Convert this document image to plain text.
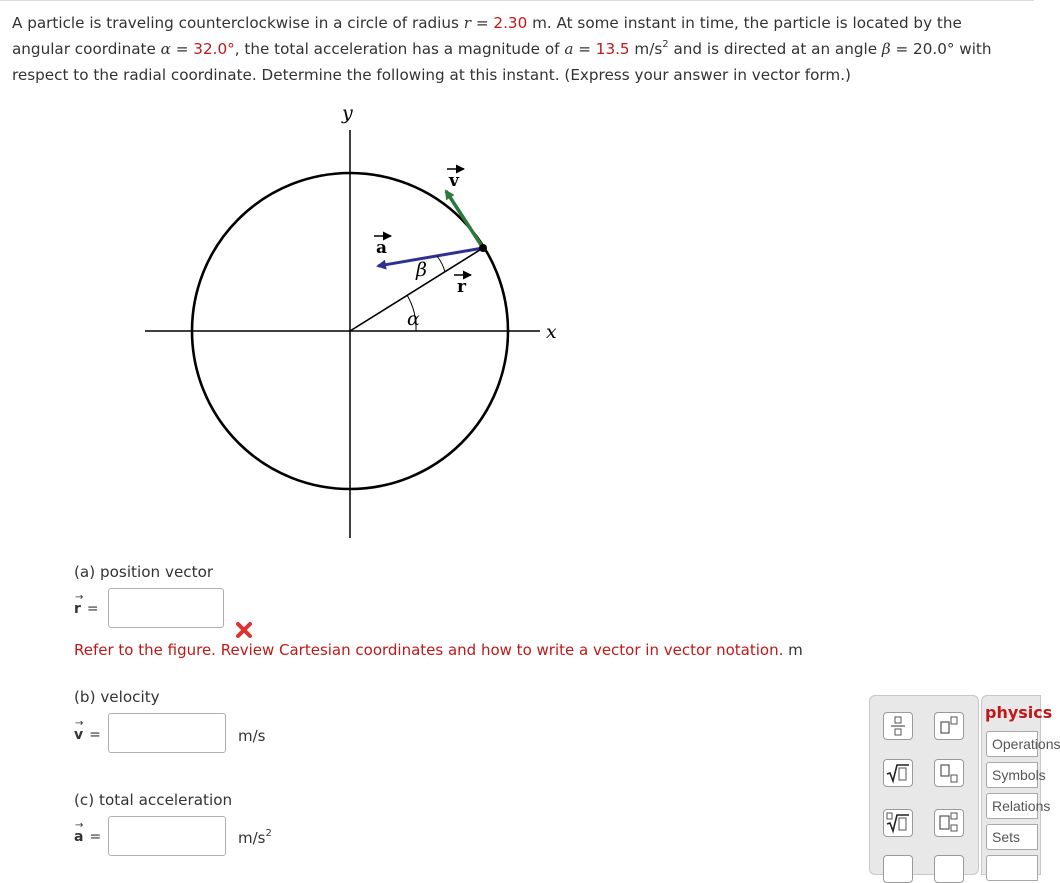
A particle is traveling counterclockwise in a circle of radius r = 2.30 m. At some instant in time, the particle is located by the
angular coordinate α = 32.0°, the total acceleration has a magnitude of a = 13.5 $m/s^2$ and is directed at an angle β = 20.0° with
respect to the radial coordinate. Determine the following at this instant. (Express your answer in vector form.)
y
x
v
a
r
β
α
(a) position vector
→
r =
Refer to the figure. Review Cartesian coordinates and how to write a vector in vector notation. m
(b) velocity
→
v =	m/s
(c) total acceleration
→
a =	$m/s^2$
physics
Operations
Symbols
Relations
Sets
